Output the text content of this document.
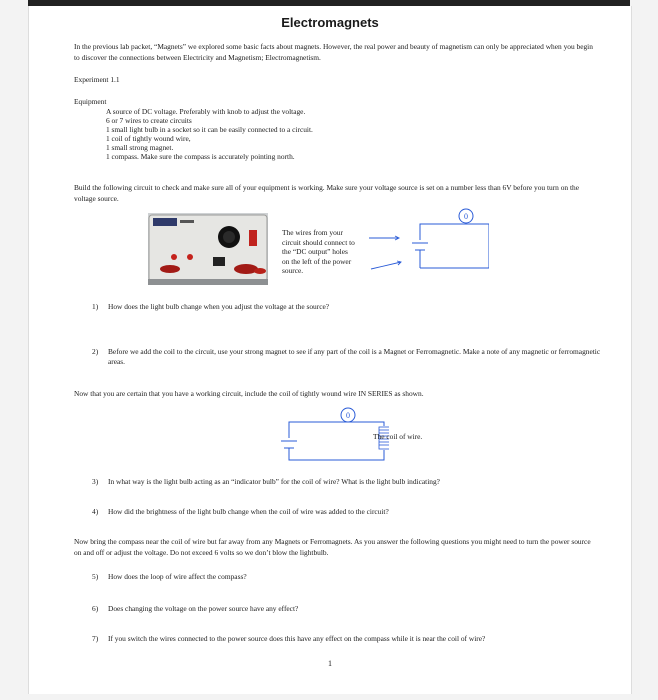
Electromagnets
In the previous lab packet, “Magnets” we explored some basic facts about magnets. However, the real power and beauty of magnetism can only be appreciated when you begin to discover the connections between Electricity and Magnetism; Electromagnetism.
Experiment 1.1
Equipment
A source of DC voltage. Preferably with knob to adjust the voltage.
6 or 7 wires to create circuits
1 small light bulb in a socket so it can be easily connected to a circuit.
1 coil of tightly wound wire,
1 small strong magnet.
1 compass. Make sure the compass is accurately pointing north.
Build the following circuit to check and make sure all of your equipment is working. Make sure your voltage source is set on a number less than 6V before you turn on the voltage source.
The wires from your
circuit should connect to
the “DC output” holes
on the left of the power
source.
0
1) How does the light bulb change when you adjust the voltage at the source?
2) Before we add the coil to the circuit, use your strong magnet to see if any part of the coil is a Magnet or Ferromagnetic. Make a note of any magnetic or ferromagnetic areas.
Now that you are certain that you have a working circuit, include the coil of tightly wound wire IN SERIES as shown.
0
The coil of wire.
3) In what way is the light bulb acting as an “indicator bulb” for the coil of wire? What is the light bulb indicating?
4) How did the brightness of the light bulb change when the coil of wire was added to the circuit?
Now bring the compass near the coil of wire but far away from any Magnets or Ferromagnets. As you answer the following questions you might need to turn the power source on and off or adjust the voltage. Do not exceed 6 volts so we don’t blow the lightbulb.
5) How does the loop of wire affect the compass?
6) Does changing the voltage on the power source have any effect?
7) If you switch the wires connected to the power source does this have any effect on the compass while it is near the coil of wire?
1
